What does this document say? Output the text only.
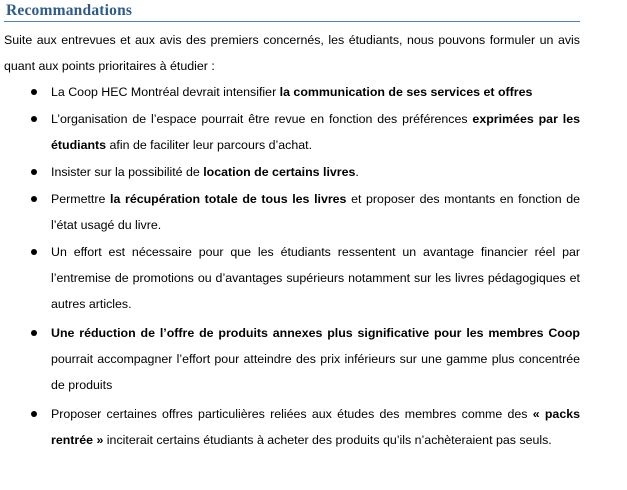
Recommandations

Suite aux entrevues et aux avis des premiers concernés, les étudiants, nous pouvons formuler un avis quant aux points prioritaires à étudier :

La Coop HEC Montréal devrait intensifier la communication de ses services et offres

L’organisation de l’espace pourrait être revue en fonction des préférences exprimées par les étudiants afin de faciliter leur parcours d’achat.

Insister sur la possibilité de location de certains livres.

Permettre la récupération totale de tous les livres et proposer des montants en fonction de l’état usagé du livre.

Un effort est nécessaire pour que les étudiants ressentent un avantage financier réel par l’entremise de promotions ou d’avantages supérieurs notamment sur les livres pédagogiques et autres articles.

Une réduction de l’offre de produits annexes plus significative pour les membres Coop pourrait accompagner l’effort pour atteindre des prix inférieurs sur une gamme plus concentrée de produits

Proposer certaines offres particulières reliées aux études des membres comme des « packs rentrée » inciterait certains étudiants à acheter des produits qu’ils n’achèteraient pas seuls.
